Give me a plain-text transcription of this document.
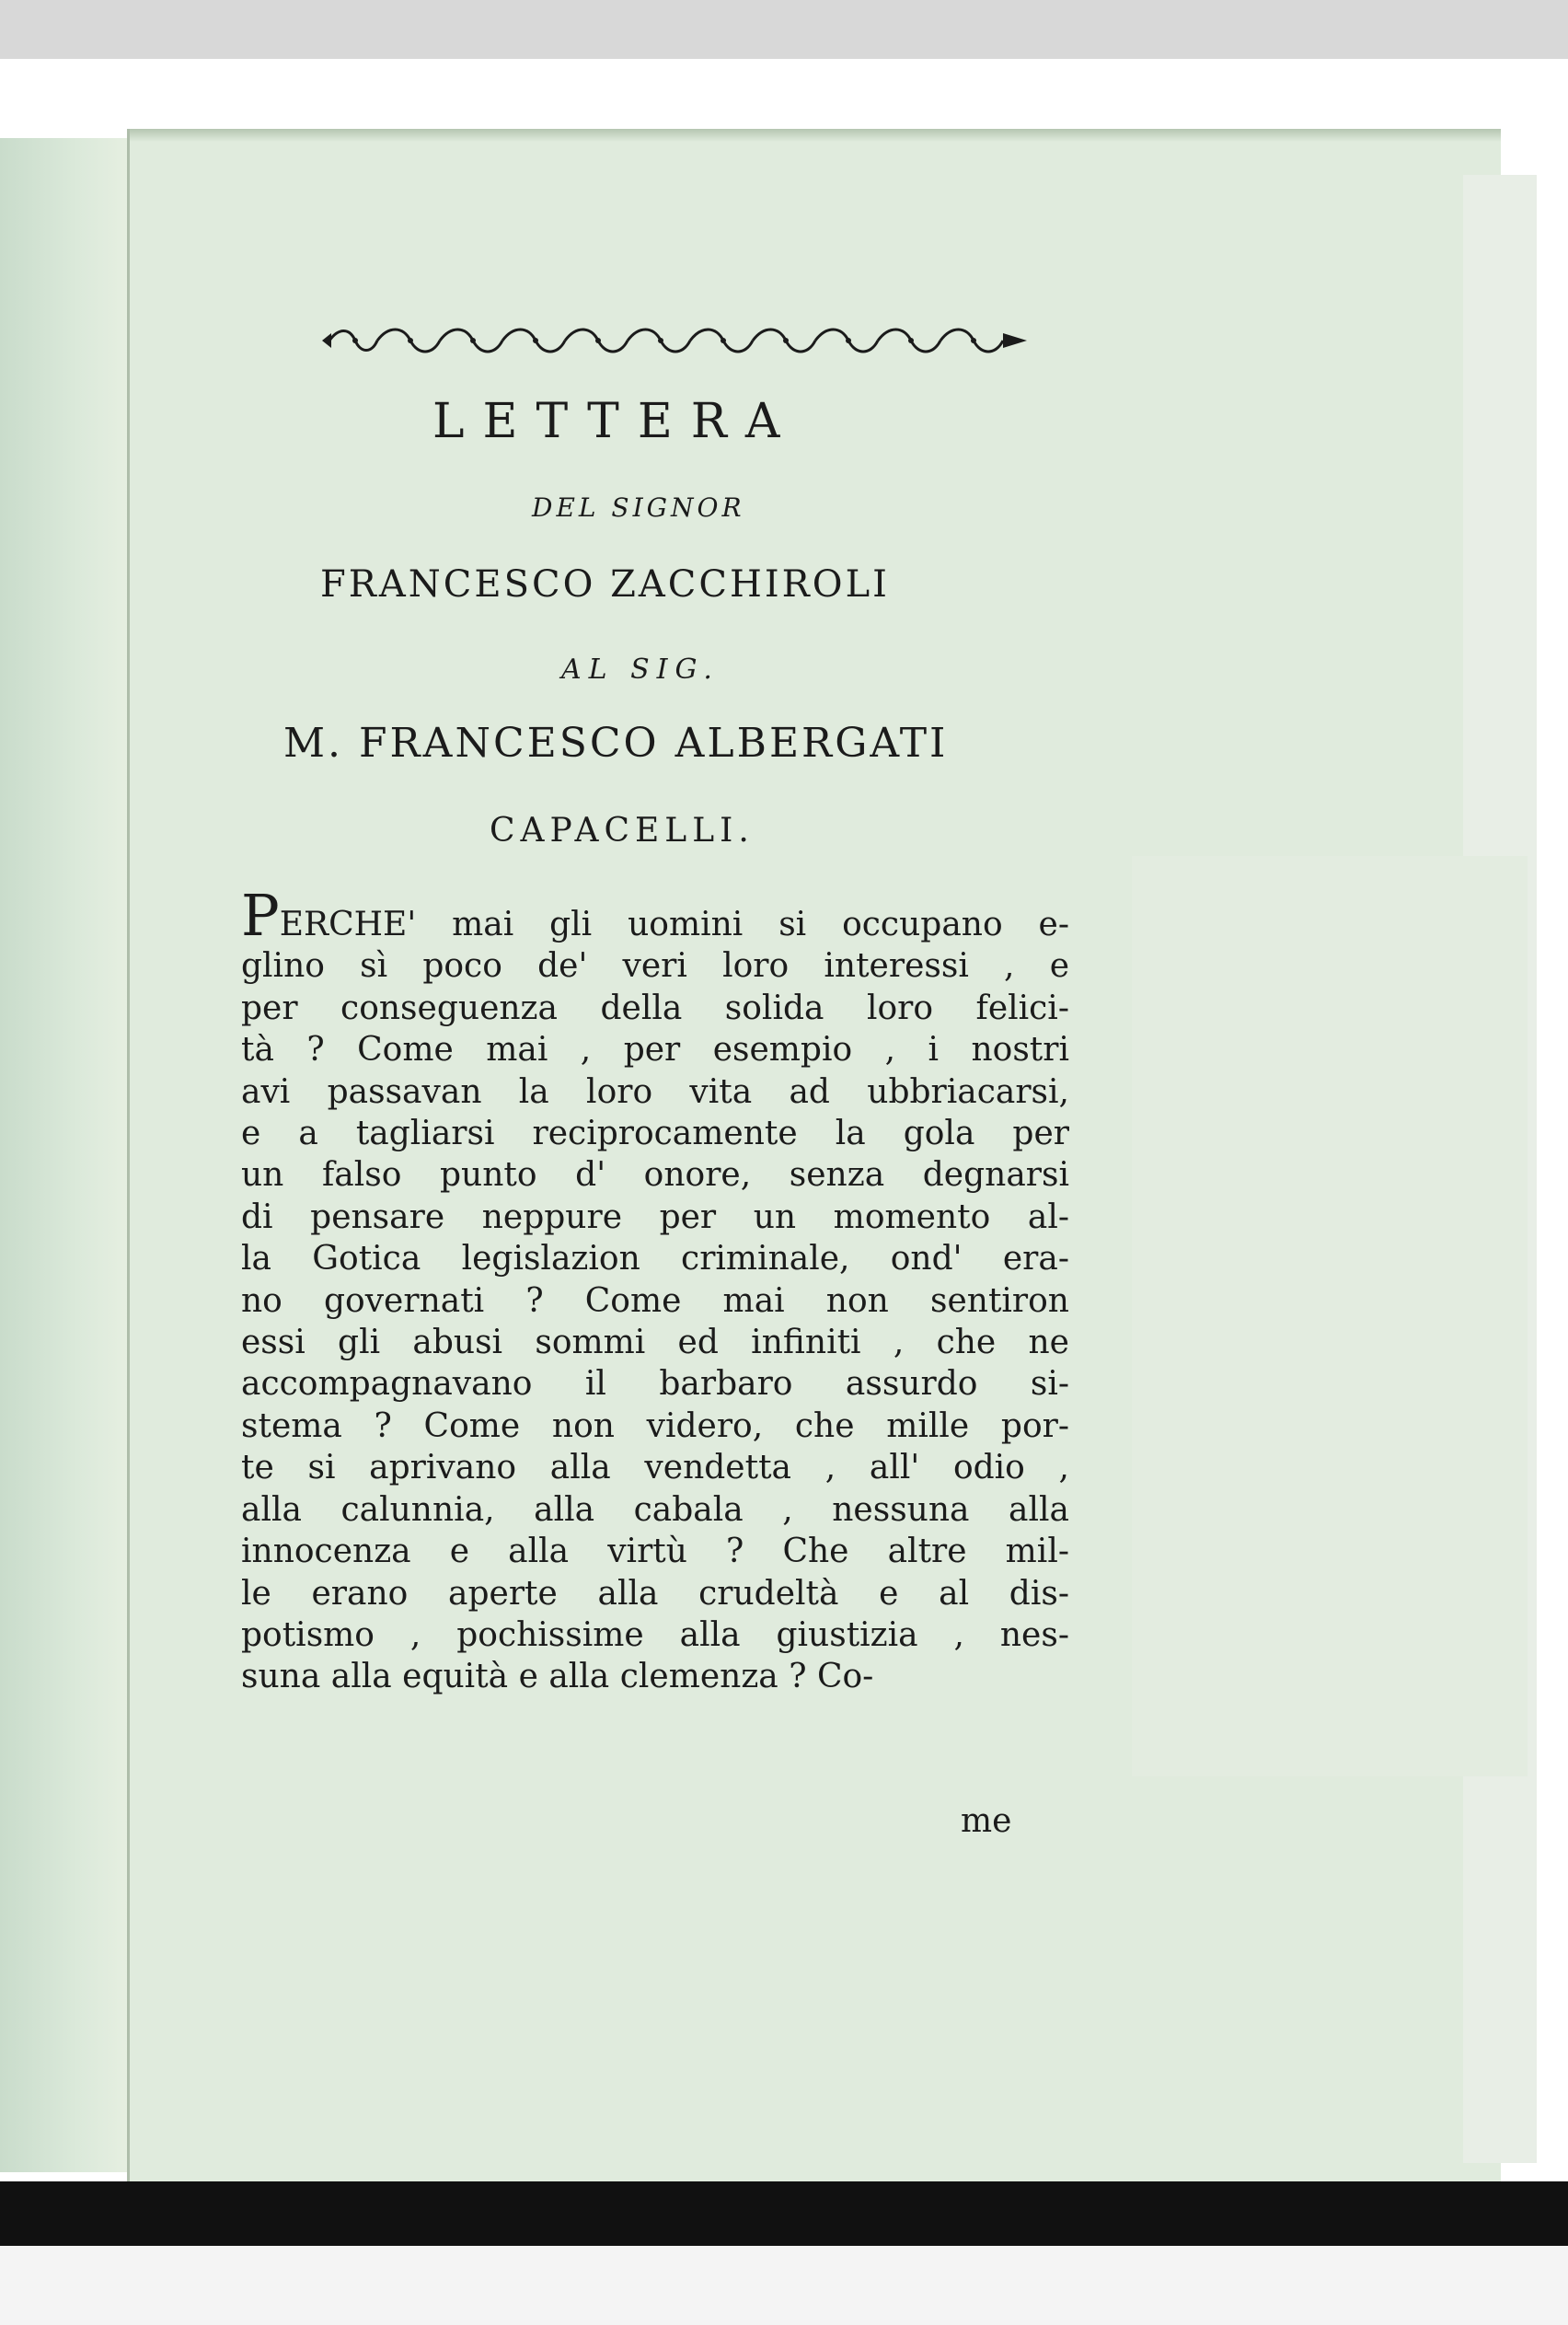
LETTERA
DEL SIGNOR
FRANCESCO ZACCHIROLI
AL SIG.
M. FRANCESCO ALBERGATI
CAPACELLI.
PERCHE' mai gli uomini si occupano e-
glino sì poco de' veri loro interessi , e
per conseguenza della solida loro felici-
tà ? Come mai , per esempio , i nostri
avi passavan la loro vita ad ubbriacarsi,
e a tagliarsi reciprocamente la gola per
un falso punto d' onore, senza degnarsi
di pensare neppure per un momento al-
la Gotica legislazion criminale, ond' era-
no governati ? Come mai non sentiron
essi gli abusi sommi ed infiniti , che ne
accompagnavano il barbaro assurdo si-
stema ? Come non videro, che mille por-
te si aprivano alla vendetta , all' odio ,
alla calunnia, alla cabala , nessuna alla
innocenza e alla virtù ? Che altre mil-
le erano aperte alla crudeltà e al dis-
potismo , pochissime alla giustizia , nes-
suna alla equità e alla clemenza ? Co-
me
